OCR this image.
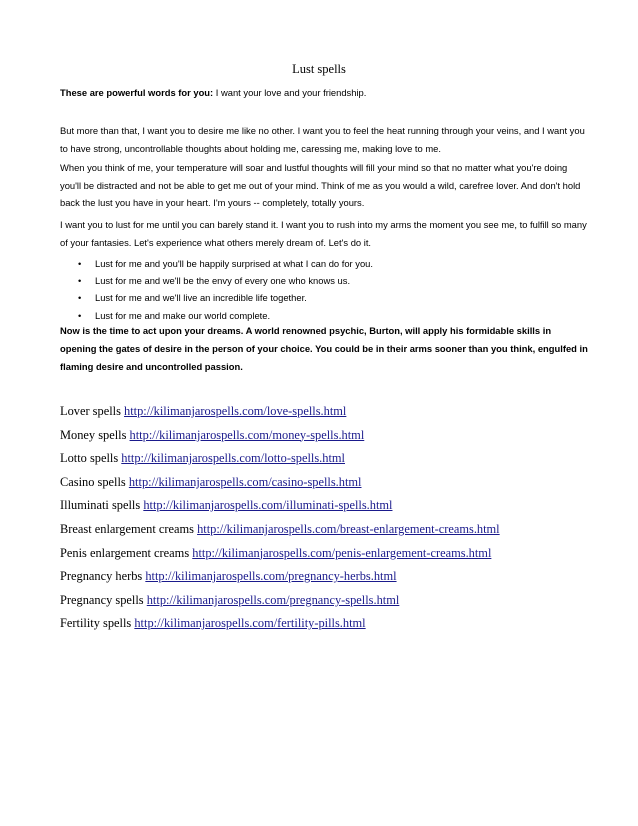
Lust spells
These are powerful words for you: I want your love and your friendship.
But more than that, I want you to desire me like no other. I want you to feel the heat running through your veins, and I want you to have strong, uncontrollable thoughts about holding me, caressing me, making love to me.
When you think of me, your temperature will soar and lustful thoughts will fill your mind so that no matter what you're doing you'll be distracted and not be able to get me out of your mind. Think of me as you would a wild, carefree lover. And don't hold back the lust you have in your heart. I'm yours -- completely, totally yours.
I want you to lust for me until you can barely stand it. I want you to rush into my arms the moment you see me, to fulfill so many of your fantasies. Let's experience what others merely dream of. Let's do it.
• Lust for me and you'll be happily surprised at what I can do for you.
• Lust for me and we'll be the envy of every one who knows us.
• Lust for me and we'll live an incredible life together.
• Lust for me and make our world complete.
Now is the time to act upon your dreams. A world renowned psychic, Burton, will apply his formidable skills in opening the gates of desire in the person of your choice. You could be in their arms sooner than you think, engulfed in flaming desire and uncontrolled passion.
Lover spells http://kilimanjarospells.com/love-spells.html
Money spells http://kilimanjarospells.com/money-spells.html
Lotto spells http://kilimanjarospells.com/lotto-spells.html
Casino spells http://kilimanjarospells.com/casino-spells.html
Illuminati spells http://kilimanjarospells.com/illuminati-spells.html
Breast enlargement creams http://kilimanjarospells.com/breast-enlargement-creams.html
Penis enlargement creams http://kilimanjarospells.com/penis-enlargement-creams.html
Pregnancy herbs http://kilimanjarospells.com/pregnancy-herbs.html
Pregnancy spells http://kilimanjarospells.com/pregnancy-spells.html
Fertility spells http://kilimanjarospells.com/fertility-pills.html
